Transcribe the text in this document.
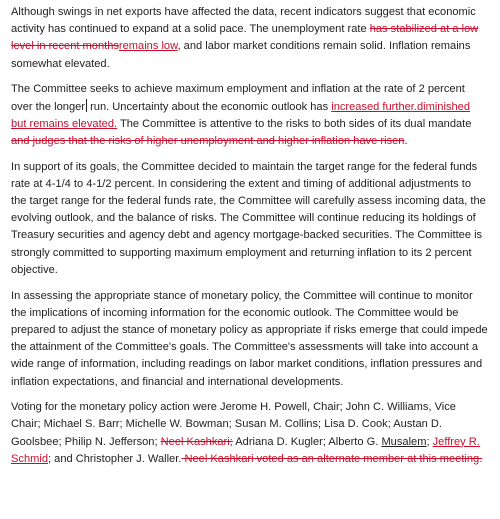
Although swings in net exports have affected the data, recent indicators suggest that economic activity has continued to expand at a solid pace. The unemployment rate has stabilized at a low level in recent monthsremains low, and labor market conditions remain solid. Inflation remains somewhat elevated.

The Committee seeks to achieve maximum employment and inflation at the rate of 2 percent over the longer run. Uncertainty about the economic outlook has increased further.diminished but remains elevated. The Committee is attentive to the risks to both sides of its dual mandate and judges that the risks of higher unemployment and higher inflation have risen.

In support of its goals, the Committee decided to maintain the target range for the federal funds rate at 4-1/4 to 4-1/2 percent. In considering the extent and timing of additional adjustments to the target range for the federal funds rate, the Committee will carefully assess incoming data, the evolving outlook, and the balance of risks. The Committee will continue reducing its holdings of Treasury securities and agency debt and agency mortgage-backed securities. The Committee is strongly committed to supporting maximum employment and returning inflation to its 2 percent objective.

In assessing the appropriate stance of monetary policy, the Committee will continue to monitor the implications of incoming information for the economic outlook. The Committee would be prepared to adjust the stance of monetary policy as appropriate if risks emerge that could impede the attainment of the Committee's goals. The Committee's assessments will take into account a wide range of information, including readings on labor market conditions, inflation pressures and inflation expectations, and financial and international developments.

Voting for the monetary policy action were Jerome H. Powell, Chair; John C. Williams, Vice Chair; Michael S. Barr; Michelle W. Bowman; Susan M. Collins; Lisa D. Cook; Austan D. Goolsbee; Philip N. Jefferson; Neel Kashkari; Adriana D. Kugler; Alberto G. Musalem; Jeffrey R. Schmid; and Christopher J. Waller. Neel Kashkari voted as an alternate member at this meeting.
